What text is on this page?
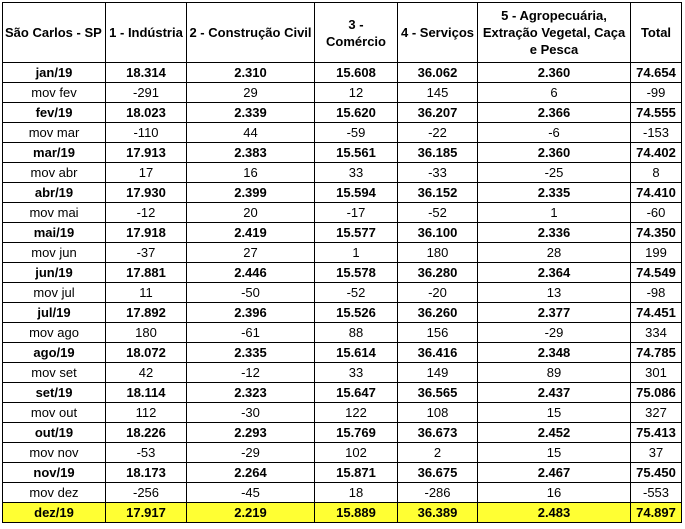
São Carlos - SP	1 - Indústria	2 - Construção Civil	3 - Comércio	4 - Serviços	5 - Agropecuária, Extração Vegetal, Caça e Pesca	Total
jan/19	18.314	2.310	15.608	36.062	2.360	74.654
mov fev	-291	29	12	145	6	-99
fev/19	18.023	2.339	15.620	36.207	2.366	74.555
mov mar	-110	44	-59	-22	-6	-153
mar/19	17.913	2.383	15.561	36.185	2.360	74.402
mov abr	17	16	33	-33	-25	8
abr/19	17.930	2.399	15.594	36.152	2.335	74.410
mov mai	-12	20	-17	-52	1	-60
mai/19	17.918	2.419	15.577	36.100	2.336	74.350
mov jun	-37	27	1	180	28	199
jun/19	17.881	2.446	15.578	36.280	2.364	74.549
mov jul	11	-50	-52	-20	13	-98
jul/19	17.892	2.396	15.526	36.260	2.377	74.451
mov ago	180	-61	88	156	-29	334
ago/19	18.072	2.335	15.614	36.416	2.348	74.785
mov set	42	-12	33	149	89	301
set/19	18.114	2.323	15.647	36.565	2.437	75.086
mov out	112	-30	122	108	15	327
out/19	18.226	2.293	15.769	36.673	2.452	75.413
mov nov	-53	-29	102	2	15	37
nov/19	18.173	2.264	15.871	36.675	2.467	75.450
mov dez	-256	-45	18	-286	16	-553
dez/19	17.917	2.219	15.889	36.389	2.483	74.897
